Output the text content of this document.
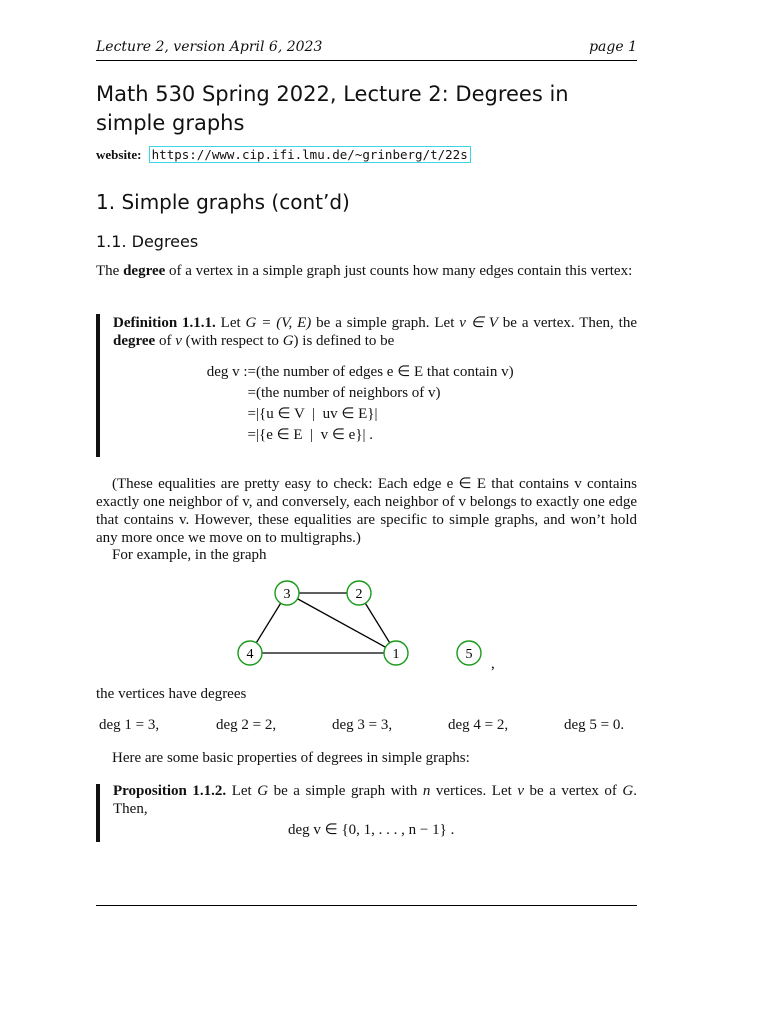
Lecture 2, version April 6, 2023	page 1
Math 530 Spring 2022, Lecture 2: Degrees in simple graphs
website: https://www.cip.ifi.lmu.de/~grinberg/t/22s
1. Simple graphs (cont’d)
1.1. Degrees

The degree of a vertex in a simple graph just counts how many edges contain this vertex:

Definition 1.1.1. Let G = (V, E) be a simple graph. Let v ∈ V be a vertex. Then, the degree of v (with respect to G) is defined to be

deg v := (the number of edges e ∈ E that contain v)
= (the number of neighbors of v)
= |{u ∈ V  |  uv ∈ E}|
= |{e ∈ E  |  v ∈ e}| .

(These equalities are pretty easy to check: Each edge e ∈ E that contains v contains exactly one neighbor of v, and conversely, each neighbor of v belongs to exactly one edge that contains v. However, these equalities are specific to simple graphs, and won’t hold any more once we move on to multigraphs.)

For example, in the graph

1
2
3
4	5
,

the vertices have degrees

deg 1 = 3,	deg 2 = 2,	deg 3 = 3,	deg 4 = 2,	deg 5 = 0.

Here are some basic properties of degrees in simple graphs:

Proposition 1.1.2. Let G be a simple graph with n vertices. Let v be a vertex of G. Then,

deg v ∈ {0, 1, . . . , n − 1} .
